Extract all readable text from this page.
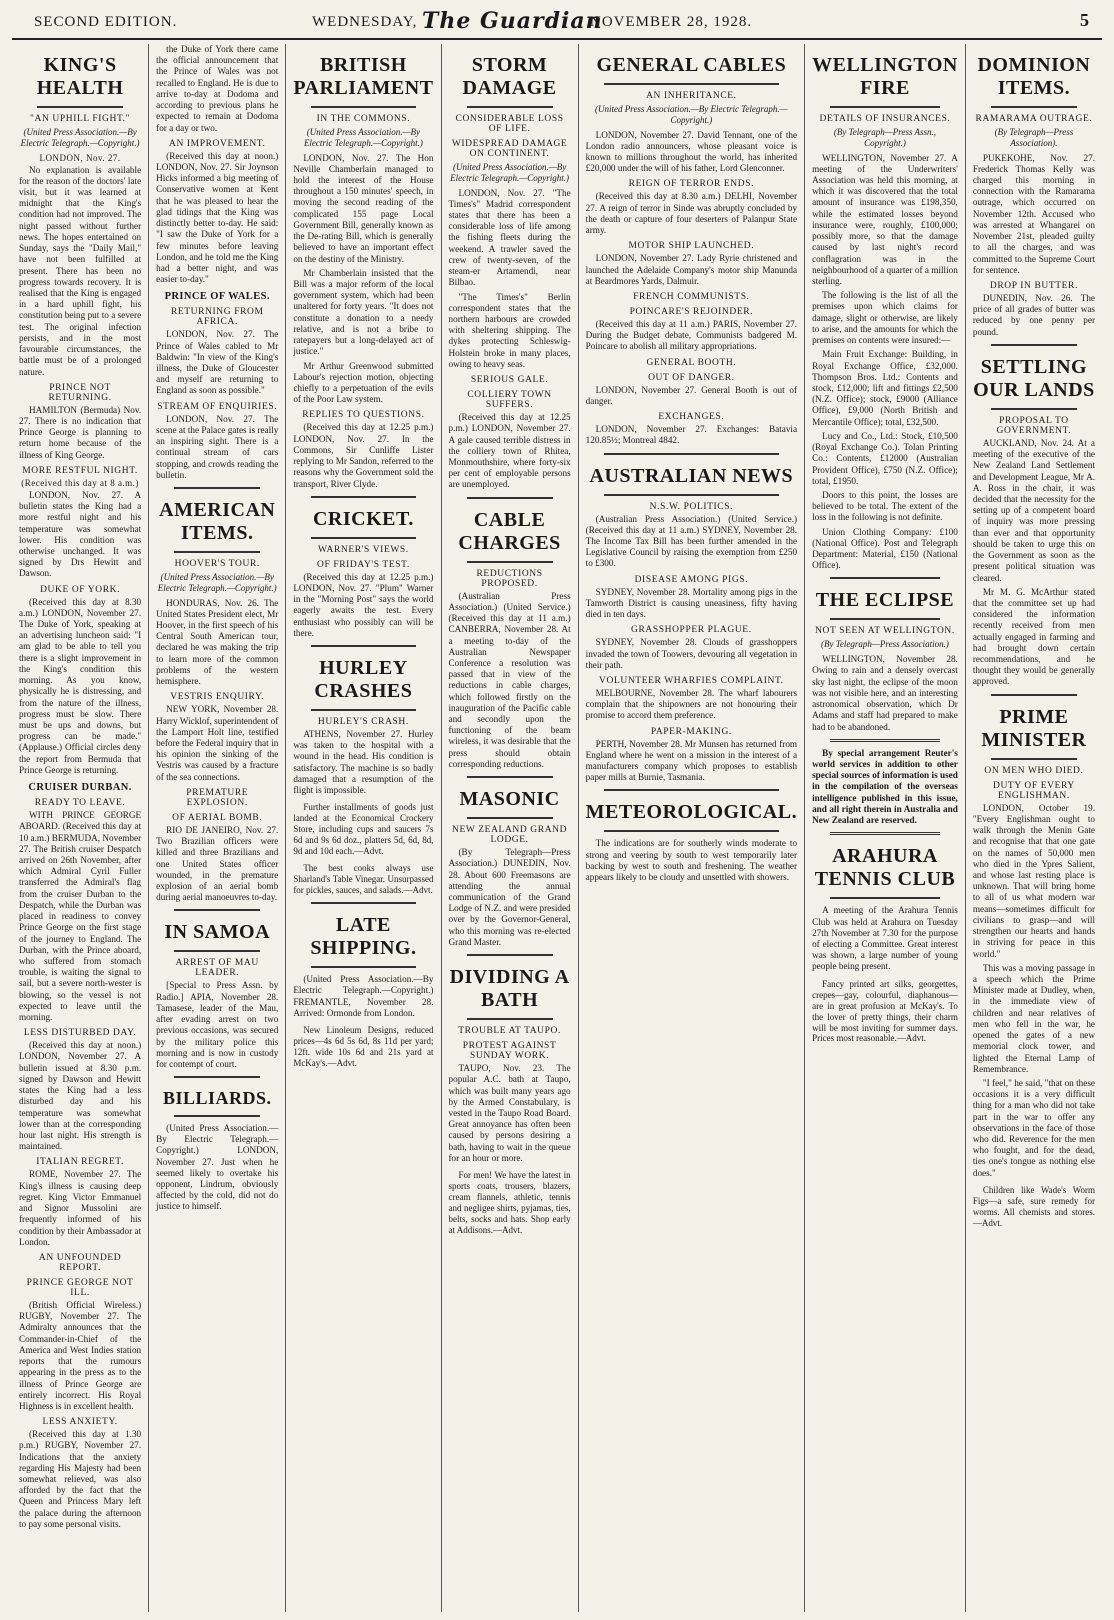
SECOND EDITION.	WEDNESDAY, The Guardian
NOVEMBER 28, 1928.	5
KING'S HEALTH
"AN UPHILL FIGHT."
(United Press Association.—By Electric Telegraph.—Copyright.)
LONDON, Nov. 27.

No explanation is available for the reason of the doctors' late visit, but it was learned at midnight that the King's condition had not improved. The night passed without further news. The hopes entertained on Sunday, says the "Daily Mail," have not been fulfilled at present. There has been no progress towards recovery. It is realised that the King is engaged in a hard uphill fight, his constitution being put to a severe test. The original infection persists, and in the most favourable circumstances, the battle must be of a prolonged nature.

PRINCE NOT RETURNING.

HAMILTON (Bermuda) Nov. 27. There is no indication that Prince George is planning to return home because of the illness of King George.

MORE RESTFUL NIGHT.
(Received this day at 8 a.m.)

LONDON, Nov. 27. A bulletin states the King had a more restful night and his temperature was somewhat lower. His condition was otherwise unchanged. It was signed by Drs Hewitt and Dawson.

DUKE OF YORK.

(Received this day at 8.30 a.m.) LONDON, November 27. The Duke of York, speaking at an advertising luncheon said: "I am glad to be able to tell you there is a slight improvement in the King's condition this morning. As you know, physically he is distressing, and from the nature of the illness, progress must be slow. There must be ups and downs, but progress can be made." (Applause.) Official circles deny the report from Bermuda that Prince George is returning.

CRUISER DURBAN.
READY TO LEAVE.

WITH PRINCE GEORGE ABOARD. (Received this day at 10 a.m.) BERMUDA, November 27. The British cruiser Despatch arrived on 26th November, after which Admiral Cyril Fuller transferred the Admiral's flag from the cruiser Durban to the Despatch, while the Durban was placed in readiness to convey Prince George on the first stage of the journey to England. The Durban, with the Prince aboard, who suffered from stomach trouble, is waiting the signal to sail, but a severe north-wester is blowing, so the vessel is not expected to leave until the morning.

LESS DISTURBED DAY.

(Received this day at noon.) LONDON, November 27. A bulletin issued at 8.30 p.m. signed by Dawson and Hewitt states the King had a less disturbed day and his temperature was somewhat lower than at the corresponding hour last night. His strength is maintained.

ITALIAN REGRET.

ROME, November 27. The King's illness is causing deep regret. King Victor Emmanuel and Signor Mussolini are frequently informed of his condition by their Ambassador at London.

AN UNFOUNDED REPORT.
PRINCE GEORGE NOT ILL.

(British Official Wireless.) RUGBY, November 27. The Admiralty announces that the Commander-in-Chief of the America and West Indies station reports that the rumours appearing in the press as to the illness of Prince George are entirely incorrect. His Royal Highness is in excellent health.

LESS ANXIETY.

(Received this day at 1.30 p.m.) RUGBY, November 27. Indications that the anxiety regarding His Majesty had been somewhat relieved, was also afforded by the fact that the Queen and Princess Mary left the palace during the afternoon to pay some personal visits.

the Duke of York there came the official announcement that the Prince of Wales was not recalled to England. He is due to arrive to-day at Dodoma and according to previous plans he expected to remain at Dodoma for a day or two.

AN IMPROVEMENT.

(Received this day at noon.) LONDON, Nov. 27. Sir Joynson Hicks informed a big meeting of Conservative women at Kent that he was pleased to hear the glad tidings that the King was distinctly better to-day. He said: "I saw the Duke of York for a few minutes before leaving London, and he told me the King had a better night, and was easier to-day."

PRINCE OF WALES.
RETURNING FROM AFRICA.

LONDON, Nov. 27. The Prince of Wales cabled to Mr Baldwin: "In view of the King's illness, the Duke of Gloucester and myself are returning to England as soon as possible."

STREAM OF ENQUIRIES.

LONDON, Nov. 27. The scene at the Palace gates is really an inspiring sight. There is a continual stream of cars stopping, and crowds reading the bulletin.

AMERICAN ITEMS.
HOOVER'S TOUR.
(United Press Association.—By Electric Telegraph.—Copyright.)

HONDURAS, Nov. 26. The United States President elect, Mr Hoover, in the first speech of his Central South American tour, declared he was making the trip to learn more of the common problems of the western hemisphere.

VESTRIS ENQUIRY.

NEW YORK, November 28. Harry Wicklof, superintendent of the Lamport Holt line, testified before the Federal inquiry that in his opinion the sinking of the Vestris was caused by a fracture of the sea connections.

PREMATURE EXPLOSION.
OF AERIAL BOMB.

RIO DE JANEIRO, Nov. 27. Two Brazilian officers were killed and three Brazilians and one United States officer wounded, in the premature explosion of an aerial bomb during aerial manoeuvres to-day.

IN SAMOA
ARREST OF MAU LEADER.

[Special to Press Assn. by Radio.] APIA, November 28. Tamasese, leader of the Mau, after evading arrest on two previous occasions, was secured by the military police this morning and is now in custody for contempt of court.

BILLIARDS.

(United Press Association.—By Electric Telegraph.—Copyright.) LONDON, November 27. Just when he seemed likely to overtake his opponent, Lindrum, obviously affected by the cold, did not do justice to himself.

BRITISH PARLIAMENT
IN THE COMMONS.
(United Press Association.—By Electric Telegraph.—Copyright.)

LONDON, Nov. 27. The Hon Neville Chamberlain managed to hold the interest of the House throughout a 150 minutes' speech, in moving the second reading of the complicated 155 page Local Government Bill, generally known as the De-rating Bill, which is generally believed to have an important effect on the destiny of the Ministry.

Mr Chamberlain insisted that the Bill was a major reform of the local government system, which had been unaltered for forty years. "It does not constitute a donation to a needy relative, and is not a bribe to ratepayers but a long-delayed act of justice."

Mr Arthur Greenwood submitted Labour's rejection motion, objecting chiefly to a perpetuation of the evils of the Poor Law system.

REPLIES TO QUESTIONS.

(Received this day at 12.25 p.m.) LONDON, Nov. 27. In the Commons, Sir Cunliffe Lister replying to Mr Sandon, referred to the reasons why the Government sold the transport, River Clyde.

CRICKET.
WARNER'S VIEWS.
OF FRIDAY'S TEST.

(Received this day at 12.25 p.m.) LONDON, Nov. 27. "Plum" Warner in the "Morning Post" says the world eagerly awaits the test. Every enthusiast who possibly can will be there.

HURLEY CRASHES
HURLEY'S CRASH.

ATHENS, November 27. Hurley was taken to the hospital with a wound in the head. His condition is satisfactory. The machine is so badly damaged that a resumption of the flight is impossible.

Further installments of goods just landed at the Economical Crockery Store, including cups and saucers 7s 6d and 9s 6d doz., platters 5d, 6d, 8d, 9d and 10d each.—Advt.

The best cooks always use Sharland's Table Vinegar. Unsurpassed for pickles, sauces, and salads.—Advt.

LATE SHIPPING.

(United Press Association.—By Electric Telegraph.—Copyright.) FREMANTLE, November 28. Arrived: Ormonde from London.

New Linoleum Designs, reduced prices—4s 6d 5s 6d, 8s 11d per yard; 12ft. wide 10s 6d and 21s yard at McKay's.—Advt.

STORM DAMAGE
CONSIDERABLE LOSS OF LIFE.
WIDESPREAD DAMAGE ON CONTINENT.
(United Press Association.—By Electric Telegraph.—Copyright.)

LONDON, Nov. 27. "The Times's" Madrid correspondent states that there has been a considerable loss of life among the fishing fleets during the weekend. A trawler saved the crew of twenty-seven, of the steam-er Artamendi, near Bilbao.

"The Times's" Berlin correspondent states that the northern harbours are crowded with sheltering shipping. The dykes protecting Schleswig-Holstein broke in many places, owing to heavy seas.

SERIOUS GALE.
COLLIERY TOWN SUFFERS.

(Received this day at 12.25 p.m.) LONDON, November 27. A gale caused terrible distress in the colliery town of Rhitea, Monmouthshire, where forty-six per cent of employable persons are unemployed.

CABLE CHARGES
REDUCTIONS PROPOSED.

(Australian Press Association.) (United Service.) (Received this day at 11 a.m.) CANBERRA, November 28. At a meeting to-day of the Australian Newspaper Conference a resolution was passed that in view of the reductions in cable charges, which followed firstly on the inauguration of the Pacific cable and secondly upon the functioning of the beam wireless, it was desirable that the press should obtain corresponding reductions.

MASONIC
NEW ZEALAND GRAND LODGE.

(By Telegraph—Press Association.) DUNEDIN, Nov. 28. About 600 Freemasons are attending the annual communication of the Grand Lodge of N.Z. and were presided over by the Governor-General, who this morning was re-elected Grand Master.

DIVIDING A BATH
TROUBLE AT TAUPO.
PROTEST AGAINST SUNDAY WORK.

TAUPO, Nov. 23. The popular A.C. bath at Taupo, which was built many years ago by the Armed Constabulary, is vested in the Taupo Road Board. Great annoyance has often been caused by persons desiring a bath, having to wait in the queue for an hour or more.

For men! We have the latest in sports coats, trousers, blazers, cream flannels, athletic, tennis and negligee shirts, pyjamas, ties, belts, socks and hats. Shop early at Addisons.—Advt.

GENERAL CABLES
AN INHERITANCE.
(United Press Association.—By Electric Telegraph.—Copyright.)

LONDON, November 27. David Tennant, one of the London radio announcers, whose pleasant voice is known to millions throughout the world, has inherited £20,000 under the will of his father, Lord Glenconner.

REIGN OF TERROR ENDS.

(Received this day at 8.30 a.m.) DELHI, November 27. A reign of terror in Sinde was abruptly concluded by the death or capture of four deserters of Palanpur State army.

MOTOR SHIP LAUNCHED.

LONDON, November 27. Lady Ryrie christened and launched the Adelaide Company's motor ship Manunda at Beardmores Yards, Dalmuir.

FRENCH COMMUNISTS.
POINCARE'S REJOINDER.

(Received this day at 11 a.m.) PARIS, November 27. During the Budget debate, Communists badgered M. Poincare to abolish all military appropriations.

GENERAL BOOTH.
OUT OF DANGER.

LONDON, November 27. General Booth is out of danger.

EXCHANGES.

LONDON, November 27. Exchanges: Batavia 120.85½; Montreal 4842.

AUSTRALIAN NEWS
N.S.W. POLITICS.

(Australian Press Association.) (United Service.) (Received this day at 11 a.m.) SYDNEY, November 28. The Income Tax Bill has been further amended in the Legislative Council by raising the exemption from £250 to £300.

DISEASE AMONG PIGS.

SYDNEY, November 28. Mortality among pigs in the Tamworth District is causing uneasiness, fifty having died in ten days.

GRASSHOPPER PLAGUE.

SYDNEY, November 28. Clouds of grasshoppers invaded the town of Toowers, devouring all vegetation in their path.

VOLUNTEER WHARFIES COMPLAINT.

MELBOURNE, November 28. The wharf labourers complain that the shipowners are not honouring their promise to accord them preference.

PAPER-MAKING.

PERTH, November 28. Mr Munsen has returned from England where he went on a mission in the interest of a manufacturers company which proposes to establish paper mills at Burnie, Tasmania.

METEOROLOGICAL.

The indications are for southerly winds moderate to strong and veering by south to west temporarily later backing by west to south and freshening. The weather appears likely to be cloudy and unsettled with showers.

WELLINGTON FIRE
DETAILS OF INSURANCES.
(By Telegraph—Press Assn., Copyright.)

WELLINGTON, November 27. A meeting of the Underwriters' Association was held this morning, at which it was discovered that the total amount of insurance was £198,350, while the estimated losses beyond insurance were, roughly, £100,000; possibly more, so that the damage caused by last night's record conflagration was in the neighbourhood of a quarter of a million sterling.

The following is the list of all the premises upon which claims for damage, slight or otherwise, are likely to arise, and the amounts for which the premises on contents were insured:—

Main Fruit Exchange: Building, in Royal Exchange Office, £32,000. Thompson Bros. Ltd.: Contents and stock, £12,000; lift and fittings £2,500 (N.Z. Office); stock, £9000 (Alliance Office), £9,000 (North British and Mercantile Office); total, £32,500.

Lucy and Co., Ltd.: Stock, £10,500 (Royal Exchange Co.). Tolan Printing Co.: Contents, £12000 (Australian Provident Office), £750 (N.Z. Office); total, £1950.

Doors to this point, the losses are believed to be total. The extent of the loss in the following is not definite.

Union Clothing Company: £100 (National Office). Post and Telegraph Department: Material, £150 (National Office).

THE ECLIPSE
NOT SEEN AT WELLINGTON.
(By Telegraph—Press Association.)

WELLINGTON, November 28. Owing to rain and a densely overcast sky last night, the eclipse of the moon was not visible here, and an interesting astronomical observation, which Dr Adams and staff had prepared to make had to be abandoned.

By special arrangement Reuter's world services in addition to other special sources of information is used in the compilation of the overseas intelligence published in this issue, and all right therein in Australia and New Zealand are reserved.

ARAHURA TENNIS CLUB

A meeting of the Arahura Tennis Club was held at Arahura on Tuesday 27th November at 7.30 for the purpose of electing a Committee. Great interest was shown, a large number of young people being present.

Fancy printed art silks, georgettes, crepes—gay, colourful, diaphanous—are in great profusion at McKay's. To the lover of pretty things, their charm will be most inviting for summer days. Prices most reasonable.—Advt.

DOMINION ITEMS.
RAMARAMA OUTRAGE.
(By Telegraph—Press Association).

PUKEKOHE, Nov. 27. Frederick Thomas Kelly was charged this morning in connection with the Ramarama outrage, which occurred on November 12th. Accused who was arrested at Whangarei on November 21st, pleaded guilty to all the charges, and was committed to the Supreme Court for sentence.

DROP IN BUTTER.

DUNEDIN, Nov. 26. The price of all grades of butter was reduced by one penny per pound.

SETTLING OUR LANDS
PROPOSAL TO GOVERNMENT.

AUCKLAND, Nov. 24. At a meeting of the executive of the New Zealand Land Settlement and Development League, Mr A. A. Ross in the chair, it was decided that the necessity for the setting up of a competent board of inquiry was more pressing than ever and that opportunity should be taken to urge this on the Government as soon as the present political situation was cleared.

Mr M. G. McArthur stated that the committee set up had considered the information recently received from men actually engaged in farming and had brought down certain recommendations, and he thought they would be generally approved.

PRIME MINISTER
ON MEN WHO DIED.
DUTY OF EVERY ENGLISHMAN.

LONDON, October 19. "Every Englishman ought to walk through the Menin Gate and recognise that that one gate on the names of 50,000 men who died in the Ypres Salient, and whose last resting place is unknown. That will bring home to all of us what modern war means—sometimes difficult for civilians to grasp—and will strengthen our hearts and hands in striving for peace in this world."

This was a moving passage in a speech which the Prime Minister made at Dudley, when, in the immediate view of children and near relatives of men who fell in the war, he opened the gates of a new memorial clock tower, and lighted the Eternal Lamp of Remembrance.

"I feel," he said, "that on these occasions it is a very difficult thing for a man who did not take part in the war to offer any observations in the face of those who did. Reverence for the men who fought, and for the dead, ties one's tongue as nothing else does."

Children like Wade's Worm Figs—a safe, sure remedy for worms. All chemists and stores.—Advt.
